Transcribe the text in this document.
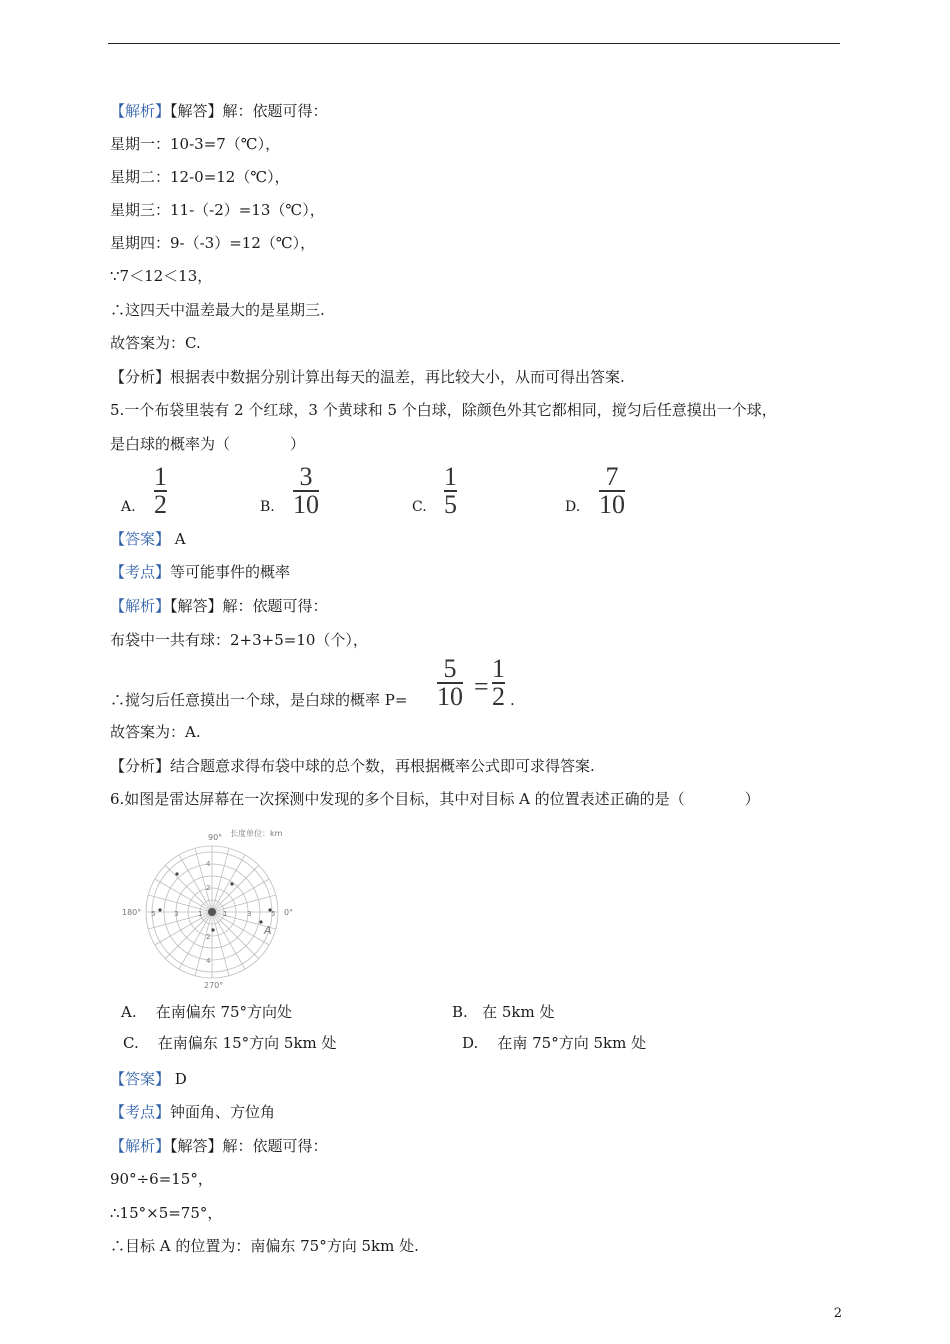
【解析】【解答】解：依题可得：
星期一：10-3=7（℃），
星期二：12-0=12（℃），
星期三：11-（-2）=13（℃），
星期四：9-（-3）=12（℃），
∵7＜12＜13，
∴这四天中温差最大的是星期三.
故答案为：C.
【分析】根据表中数据分别计算出每天的温差，再比较大小，从而可得出答案.
5.一个布袋里装有 2 个红球，3 个黄球和 5 个白球，除颜色外其它都相同，搅匀后任意摸出一个球，
是白球的概率为（　　　　）
A.
1
2	B.
3
10	C.
1
5	D.
7
10
【答案】 A
【考点】等可能事件的概率
【解析】【解答】解：依题可得：
布袋中一共有球：2+3+5=10（个），
∴搅匀后任意摸出一个球，是白球的概率 P=
5
10 =
1
2 .
故答案为：A.
【分析】结合题意求得布袋中球的总个数，再根据概率公式即可求得答案.
6.如图是雷达屏幕在一次探测中发现的多个目标，其中对目标 A 的位置表述正确的是（　　　　）
90° 长度单位：km
180°	0°
270°
A
1	3	5
1
3
5
2
4
2
4
A. 在南偏东 75°方向处	B. 在 5km 处
C. 在南偏东 15°方向 5km 处	D. 在南 75°方向 5km 处
【答案】 D
【考点】钟面角、方位角
【解析】【解答】解：依题可得：
90°÷6=15°，
∴15°×5=75°，
∴目标 A 的位置为：南偏东 75°方向 5km 处.
2
